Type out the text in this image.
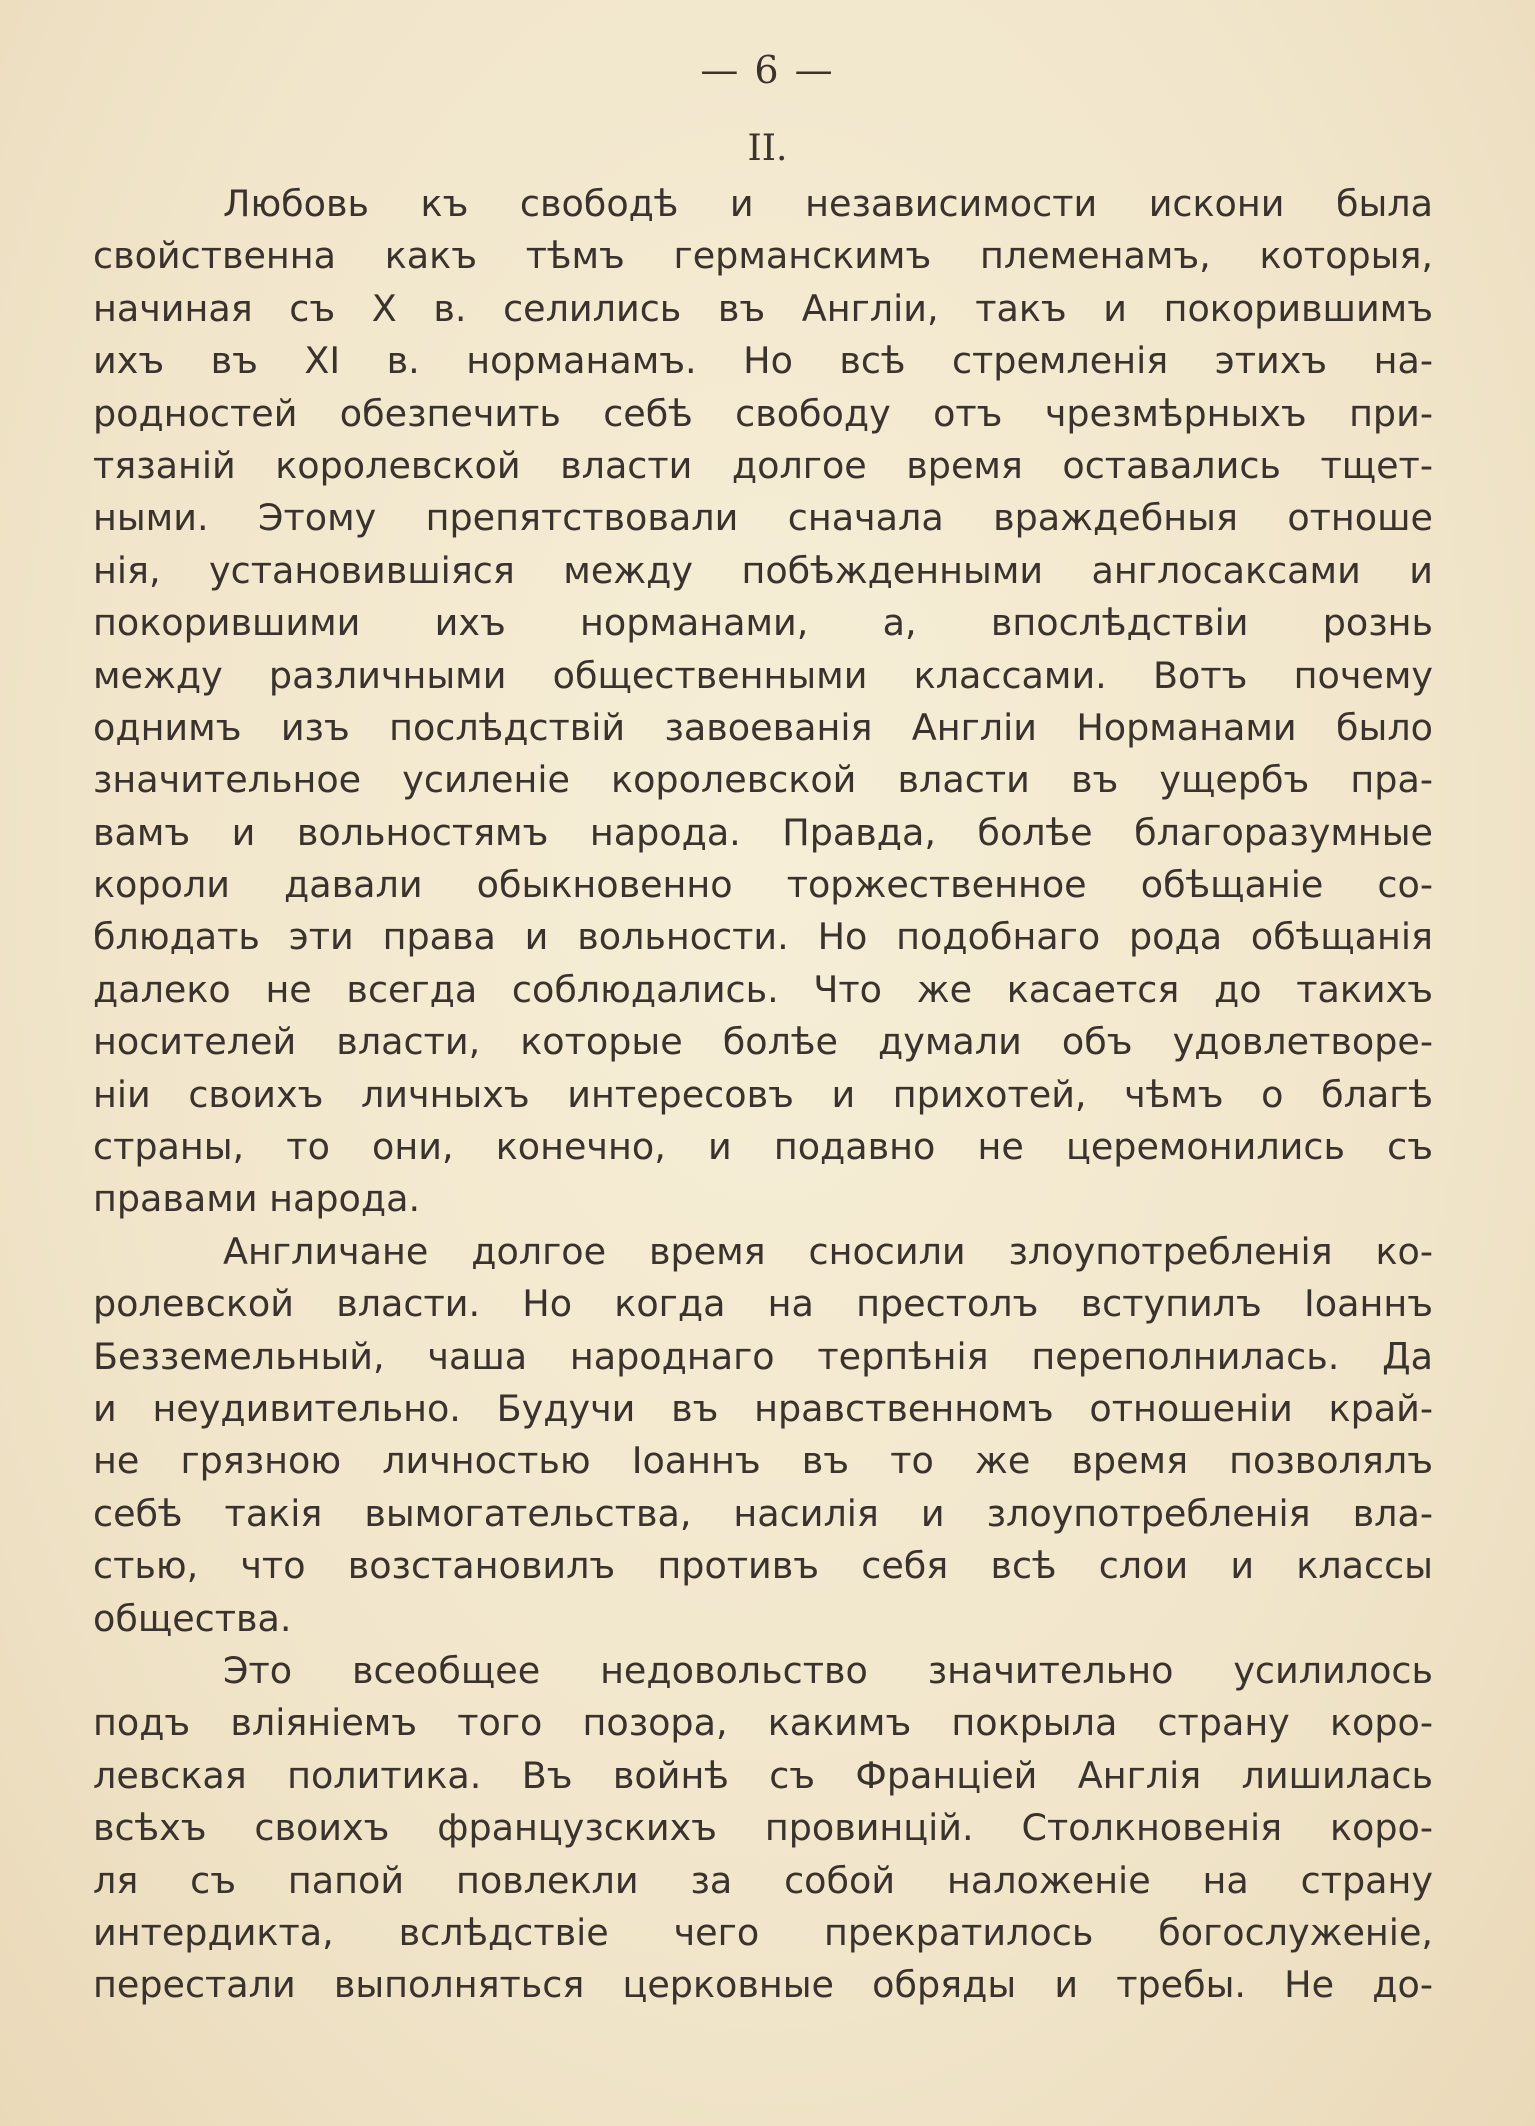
— 6 —
II.
Любовь къ свободѣ и независимости искони была
свойственна какъ тѣмъ германскимъ племенамъ, которыя,
начиная съ X в. селились въ Англіи, такъ и покорившимъ
ихъ въ XI в. норманамъ. Но всѣ стремленія этихъ на-
родностей обезпечить себѣ свободу отъ чрезмѣрныхъ при-
тязаній королевской власти долгое время оставались тщет-
ными. Этому препятствовали сначала враждебныя отноше
нія, установившіяся между побѣжденными англосаксами и
покорившими ихъ норманами, а, впослѣдствіи рознь
между различными общественными классами. Вотъ почему
однимъ изъ послѣдствій завоеванія Англіи Норманами было
значительное усиленіе королевской власти въ ущербъ пра-
вамъ и вольностямъ народа. Правда, болѣе благоразумные
короли давали обыкновенно торжественное обѣщаніе со-
блюдать эти права и вольности. Но подобнаго рода обѣщанія
далеко не всегда соблюдались. Что же касается до такихъ
носителей власти, которые болѣе думали объ удовлетворе-
ніи своихъ личныхъ интересовъ и прихотей, чѣмъ о благѣ
страны, то они, конечно, и подавно не церемонились съ
правами народа.
Англичане долгое время сносили злоупотребленія ко-
ролевской власти. Но когда на престолъ вступилъ Іоаннъ
Безземельный, чаша народнаго терпѣнія переполнилась. Да
и неудивительно. Будучи въ нравственномъ отношеніи край-
не грязною личностью Іоаннъ въ то же время позволялъ
себѣ такія вымогательства, насилія и злоупотребленія вла-
стью, что возстановилъ противъ себя всѣ слои и классы
общества.
Это всеобщее недовольство значительно усилилось
подъ вліяніемъ того позора, какимъ покрыла страну коро-
левская политика. Въ войнѣ съ Франціей Англія лишилась
всѣхъ своихъ французскихъ провинцій. Столкновенія коро-
ля съ папой повлекли за собой наложеніе на страну
интердикта, вслѣдствіе чего прекратилось богослуженіе,
перестали выполняться церковные обряды и требы. Не до-
